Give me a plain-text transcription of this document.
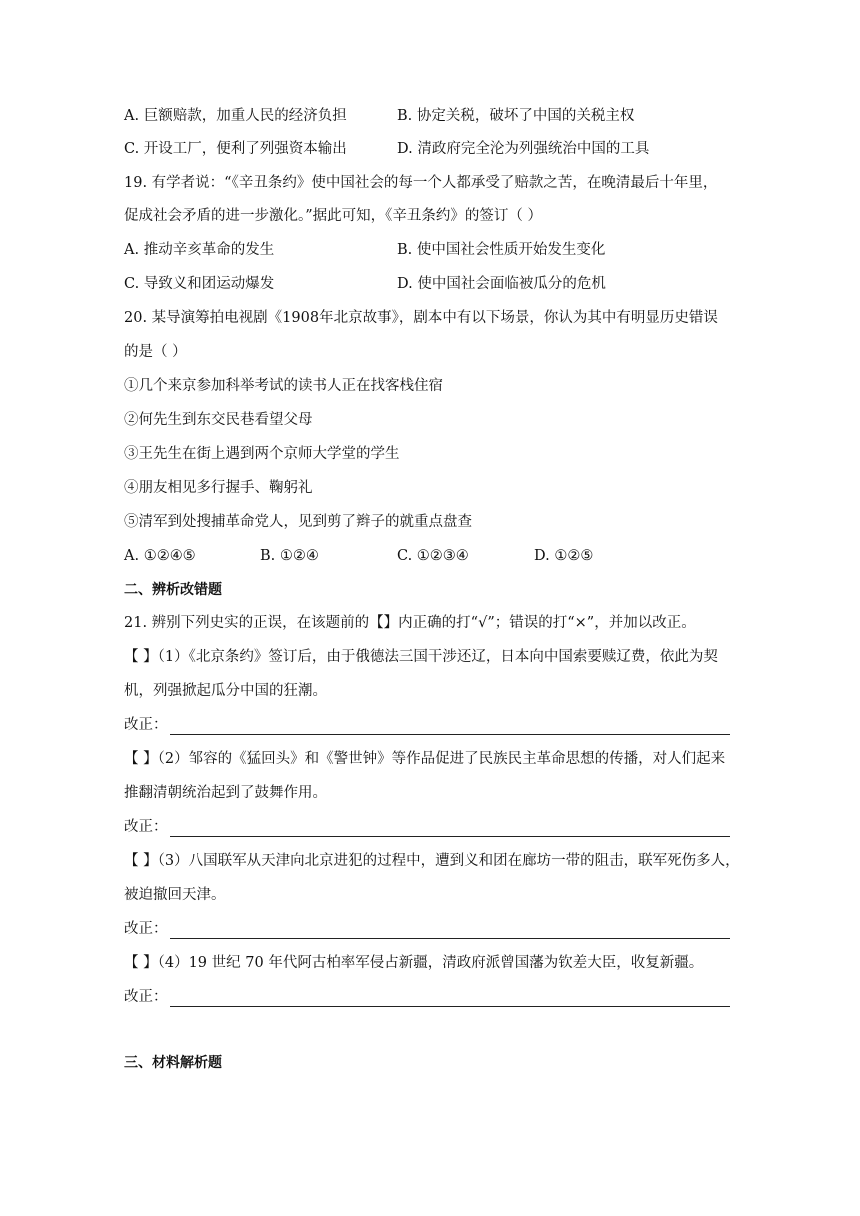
A. 巨额赔款，加重人民的经济负担	B. 协定关税，破坏了中国的关税主权
C. 开设工厂，便利了列强资本输出	D. 清政府完全沦为列强统治中国的工具
19. 有学者说：“《辛丑条约》使中国社会的每一个人都承受了赔款之苦，在晚清最后十年里，
促成社会矛盾的进一步激化。”据此可知，《辛丑条约》的签订（ ）
A. 推动辛亥革命的发生	B. 使中国社会性质开始发生变化
C. 导致义和团运动爆发	D. 使中国社会面临被瓜分的危机
20. 某导演筹拍电视剧《1908年北京故事》，剧本中有以下场景，你认为其中有明显历史错误
的是（ ）
①几个来京参加科举考试的读书人正在找客栈住宿
②何先生到东交民巷看望父母
③王先生在街上遇到两个京师大学堂的学生
④朋友相见多行握手、鞠躬礼
⑤清军到处搜捕革命党人，见到剪了辫子的就重点盘查
A. ①②④⑤	B. ①②④	C. ①②③④	D. ①②⑤
二、辨析改错题
21. 辨别下列史实的正误，在该题前的【】内正确的打“√”；错误的打“×”，并加以改正。
【 】（1）《北京条约》签订后，由于俄德法三国干涉还辽，日本向中国索要赎辽费，依此为契
机，列强掀起瓜分中国的狂潮。
改正：
【 】（2）邹容的《猛回头》和《警世钟》等作品促进了民族民主革命思想的传播，对人们起来
推翻清朝统治起到了鼓舞作用。
改正：
【 】（3）八国联军从天津向北京进犯的过程中，遭到义和团在廊坊一带的阻击，联军死伤多人，
被迫撤回天津。
改正：
【 】（4）19 世纪 70 年代阿古柏率军侵占新疆，清政府派曾国藩为钦差大臣，收复新疆。
改正：
三、材料解析题
